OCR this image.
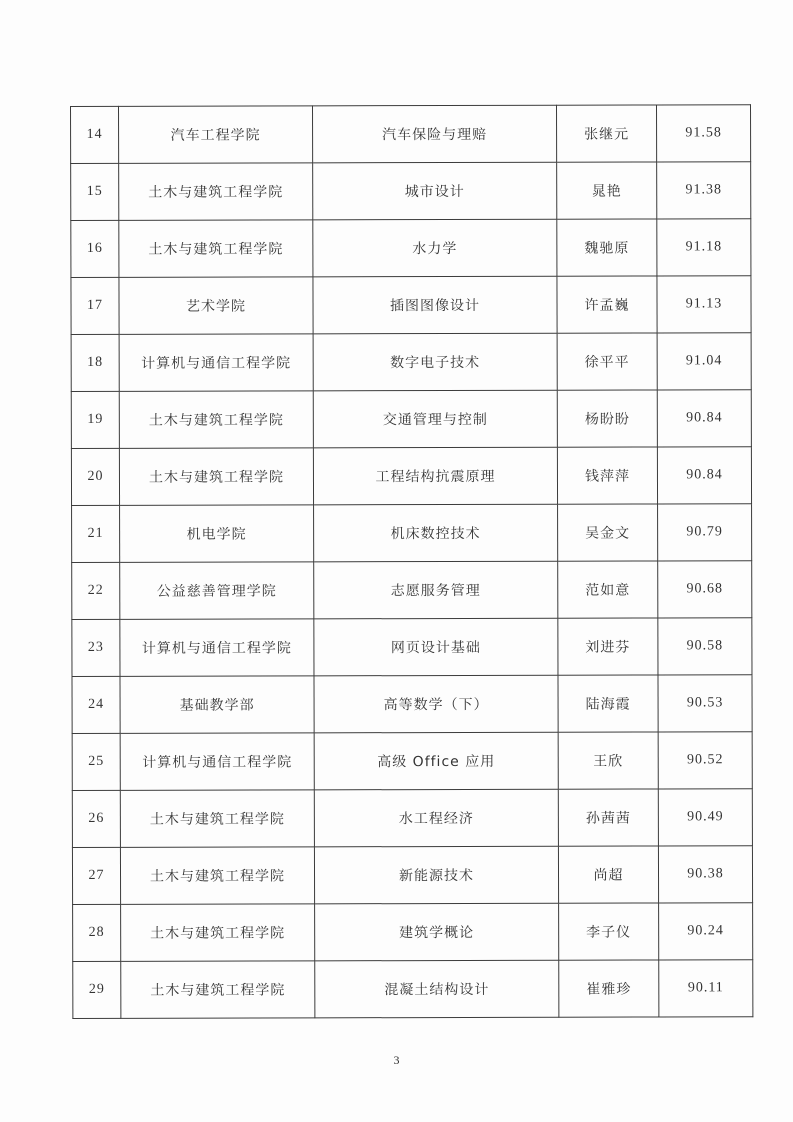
14	汽车工程学院	汽车保险与理赔	张继元	91.58
15	土木与建筑工程学院	城市设计	晁艳	91.38
16	土木与建筑工程学院	水力学	魏驰原	91.18
17	艺术学院	插图图像设计	许孟巍	91.13
18	计算机与通信工程学院	数字电子技术	徐平平	91.04
19	土木与建筑工程学院	交通管理与控制	杨盼盼	90.84
20	土木与建筑工程学院	工程结构抗震原理	钱萍萍	90.84
21	机电学院	机床数控技术	吴金文	90.79
22	公益慈善管理学院	志愿服务管理	范如意	90.68
23	计算机与通信工程学院	网页设计基础	刘进芬	90.58
24	基础教学部	高等数学（下）	陆海霞	90.53
25	计算机与通信工程学院	高级 Office 应用	王欣	90.52
26	土木与建筑工程学院	水工程经济	孙茜茜	90.49
27	土木与建筑工程学院	新能源技术	尚超	90.38
28	土木与建筑工程学院	建筑学概论	李子仪	90.24
29	土木与建筑工程学院	混凝土结构设计	崔雅珍	90.11
3
